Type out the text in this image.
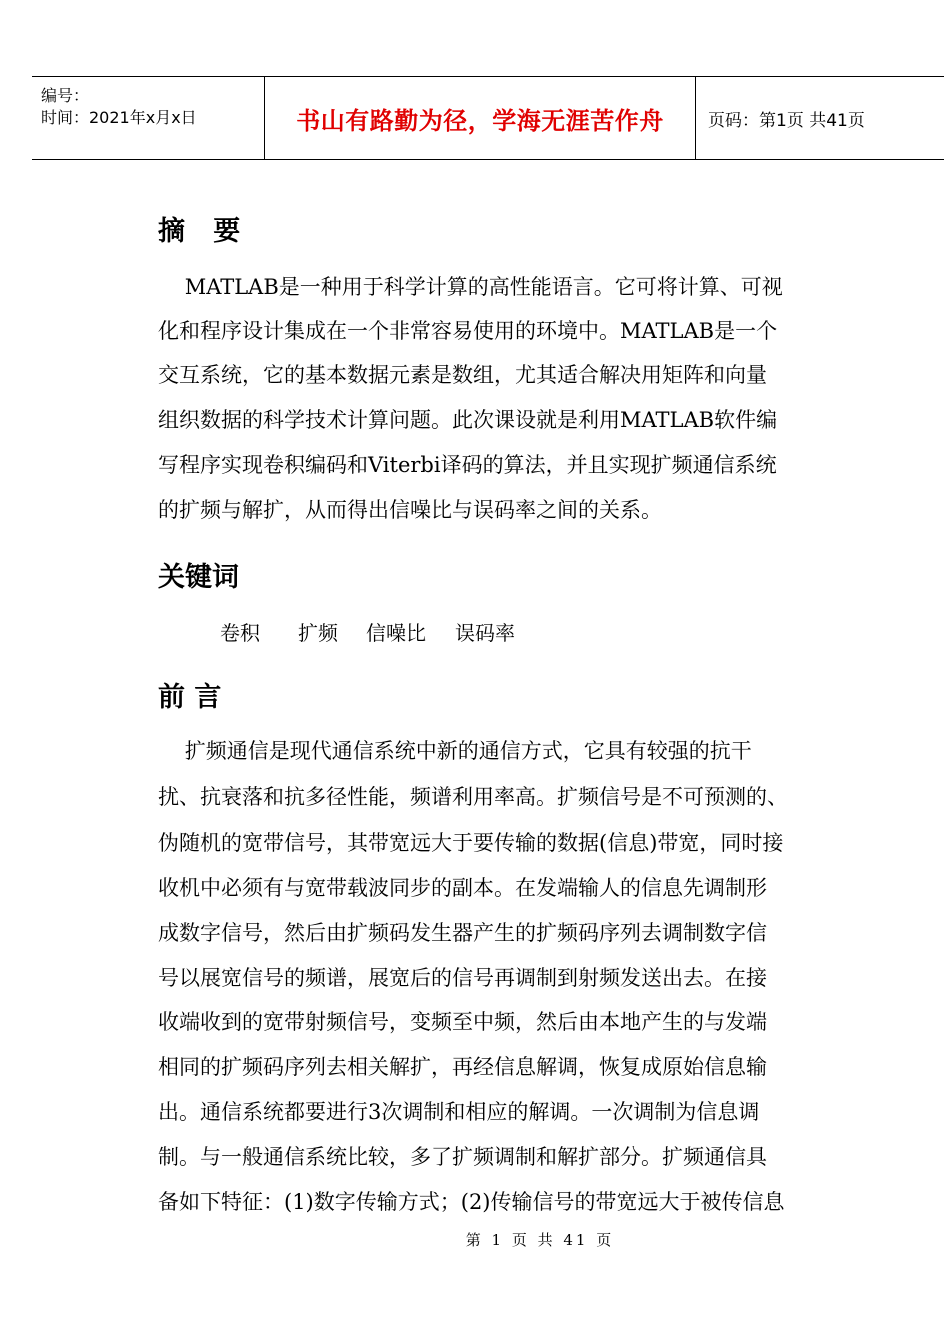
编号：
时间：2021年x月x日	书山有路勤为径，学海无涯苦作舟	页码：第1页 共41页
摘   要
MATLAB是一种用于科学计算的高性能语言。它可将计算、可视
化和程序设计集成在一个非常容易使用的环境中。MATLAB是一个
交互系统，它的基本数据元素是数组，尤其适合解决用矩阵和向量
组织数据的科学技术计算问题。此次课设就是利用MATLAB软件编
写程序实现卷积编码和Viterbi译码的算法，并且实现扩频通信系统
的扩频与解扩，从而得出信噪比与误码率之间的关系。
关键词
卷积 扩频 信噪比 误码率
前 言
扩频通信是现代通信系统中新的通信方式，它具有较强的抗干
扰、抗衰落和抗多径性能，频谱利用率高。扩频信号是不可预测的、
伪随机的宽带信号，其带宽远大于要传输的数据(信息)带宽，同时接
收机中必须有与宽带载波同步的副本。在发端输人的信息先调制形
成数字信号，然后由扩频码发生器产生的扩频码序列去调制数字信
号以展宽信号的频谱，展宽后的信号再调制到射频发送出去。在接
收端收到的宽带射频信号，变频至中频，然后由本地产生的与发端
相同的扩频码序列去相关解扩，再经信息解调，恢复成原始信息输
出。通信系统都要进行3次调制和相应的解调。一次调制为信息调
制。与一般通信系统比较，多了扩频调制和解扩部分。扩频通信具
备如下特征：(1)数字传输方式；(2)传输信号的带宽远大于被传信息
第 1 页 共 41 页
